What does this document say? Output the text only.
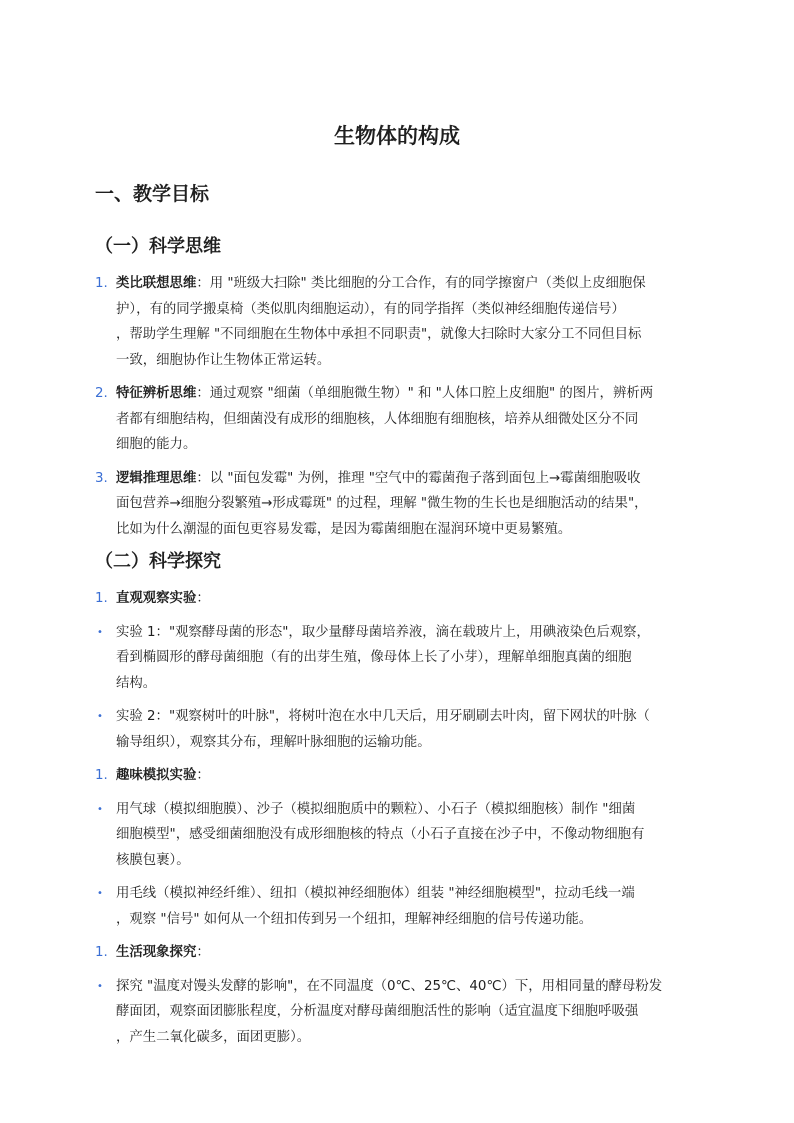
生物体的构成
一、教学目标
（一）科学思维
1. 类比联想思维：用 "班级大扫除" 类比细胞的分工合作，有的同学擦窗户（类似上皮细胞保
护），有的同学搬桌椅（类似肌肉细胞运动），有的同学指挥（类似神经细胞传递信号）
，帮助学生理解 "不同细胞在生物体中承担不同职责"，就像大扫除时大家分工不同但目标
一致，细胞协作让生物体正常运转。
2. 特征辨析思维：通过观察 "细菌（单细胞微生物）" 和 "人体口腔上皮细胞" 的图片，辨析两
者都有细胞结构，但细菌没有成形的细胞核，人体细胞有细胞核，培养从细微处区分不同
细胞的能力。
3. 逻辑推理思维：以 "面包发霉" 为例，推理 "空气中的霉菌孢子落到面包上→霉菌细胞吸收
面包营养→细胞分裂繁殖→形成霉斑" 的过程，理解 "微生物的生长也是细胞活动的结果"，
比如为什么潮湿的面包更容易发霉，是因为霉菌细胞在湿润环境中更易繁殖。
（二）科学探究
1. 直观观察实验：
• 实验 1："观察酵母菌的形态"，取少量酵母菌培养液，滴在载玻片上，用碘液染色后观察，
看到椭圆形的酵母菌细胞（有的出芽生殖，像母体上长了小芽），理解单细胞真菌的细胞
结构。
• 实验 2："观察树叶的叶脉"，将树叶泡在水中几天后，用牙刷刷去叶肉，留下网状的叶脉（
输导组织），观察其分布，理解叶脉细胞的运输功能。
1. 趣味模拟实验：
• 用气球（模拟细胞膜）、沙子（模拟细胞质中的颗粒）、小石子（模拟细胞核）制作 "细菌
细胞模型"，感受细菌细胞没有成形细胞核的特点（小石子直接在沙子中，不像动物细胞有
核膜包裹）。
• 用毛线（模拟神经纤维）、纽扣（模拟神经细胞体）组装 "神经细胞模型"，拉动毛线一端
，观察 "信号" 如何从一个纽扣传到另一个纽扣，理解神经细胞的信号传递功能。
1. 生活现象探究：
• 探究 "温度对馒头发酵的影响"，在不同温度（0℃、25℃、40℃）下，用相同量的酵母粉发
酵面团，观察面团膨胀程度，分析温度对酵母菌细胞活性的影响（适宜温度下细胞呼吸强
，产生二氧化碳多，面团更膨）。
